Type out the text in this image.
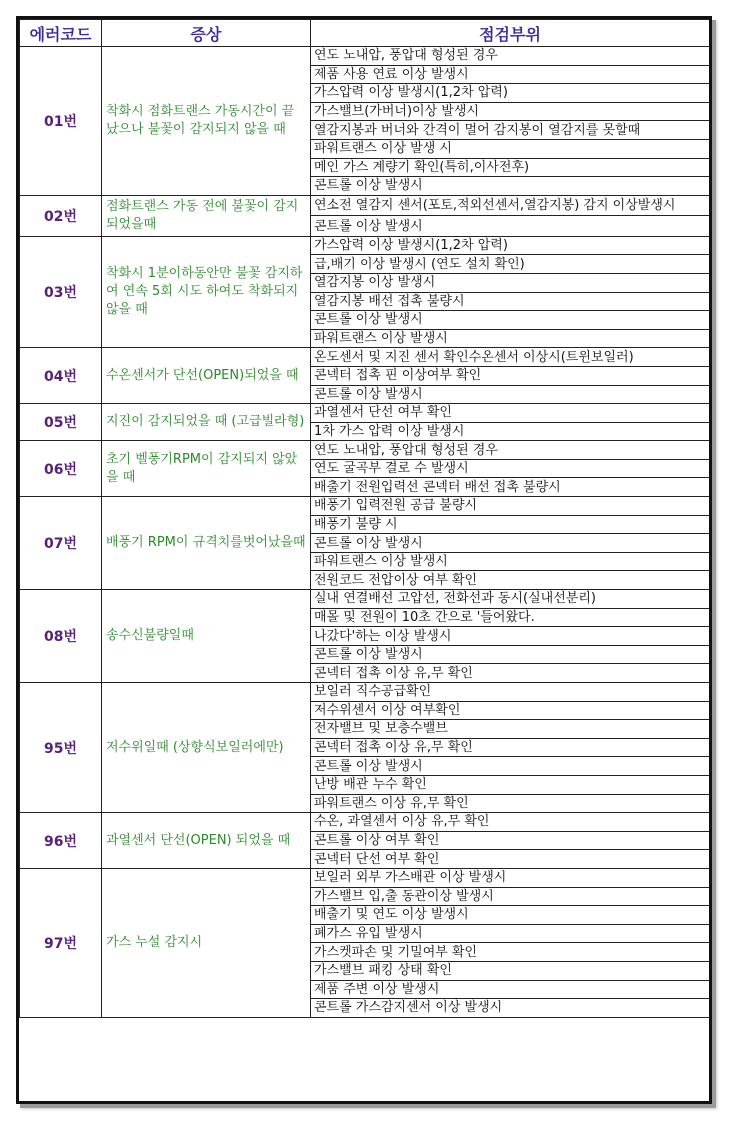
에러코드	증상	점검부위
01번	착화시 점화트랜스 가동시간이 끝났으나 불꽃이 감지되지 않을 때	연도 노내압, 풍압대 형성된 경우
		제품 사용 연료 이상 발생시
		가스압력 이상 발생시(1,2차 압력)
		가스밸브(가버너)이상 발생시
		열감지봉과 버너와 간격이 멀어 감지봉이 열감지를 못할때
		파워트랜스 이상 발생 시
		메인 가스 계량기 확인(특히,이사전후)
		콘트롤 이상 발생시
02번	점화트랜스 가동 전에 불꽃이 감지 되었을때	연소전 열감지 센서(포토,적외선센서,열감지봉) 감지 이상발생시
		콘트롤 이상 발생시
03번	착화시 1분이하동안만 불꽃 감지하여 연속 5회 시도 하여도 착화되지 않을 때	가스압력 이상 발생시(1,2차 압력)
		급,배기 이상 발생시 (연도 설치 확인)
		열감지봉 이상 발생시
		열감지봉 배선 접촉 불량시
		콘트롤 이상 발생시
		파워트랜스 이상 발생시
04번	수온센서가 단선(OPEN)되었을 때	온도센서 및 지진 센서 확인수온센서 이상시(트윈보일러)
		콘넥터 접촉 핀 이상여부 확인
		콘트롤 이상 발생시
05번	지진이 감지되었을 때 (고급빌라형)	과열센서 단선 여부 확인
		1차 가스 압력 이상 발생시
06번	초기 벨풍기RPM이 감지되지 않았을 때	연도 노내압, 풍압대 형성된 경우
		연도 굴곡부 결로 수 발생시
		배출기 전원입력선 콘넥터 배선 접촉 불량시
07번	배풍기 RPM이 규격치를벗어났을때	배풍기 입력전원 공급 불량시
		배풍기 불량 시
		콘트롤 이상 발생시
		파워트랜스 이상 발생시
		전원코드 전압이상 여부 확인
08번	송수신불량일때	실내 연결배선 고압선, 전화선과 동시(실내선분리)
		매몰 및 전원이 10초 간으로 '들어왔다.
		나갔다'하는 이상 발생시
		콘트롤 이상 발생시
		콘넥터 접촉 이상 유,무 확인
95번	저수위일때 (상향식보일러에만)	보일러 직수공급확인
		저수위센서 이상 여부확인
		전자밸브 및 보충수밸브
		콘넥터 접촉 이상 유,무 확인
		콘트롤 이상 발생시
		난방 배관 누수 확인
		파워트랜스 이상 유,무 확인
96번	과열센서 단선(OPEN) 되었을 때	수온, 과열센서 이상 유,무 확인
		콘트롤 이상 여부 확인
		콘넥터 단선 여부 확인
97번	가스 누설 감지시	보일러 외부 가스배관 이상 발생시
		가스밸브 입,출 동관이상 발생시
		배출기 및 연도 이상 발생시
		폐가스 유입 발생시
		가스켓파손 및 기밀여부 확인
		가스밸브 패킹 상태 확인
		제품 주변 이상 발생시
		콘트롤 가스감지센서 이상 발생시
